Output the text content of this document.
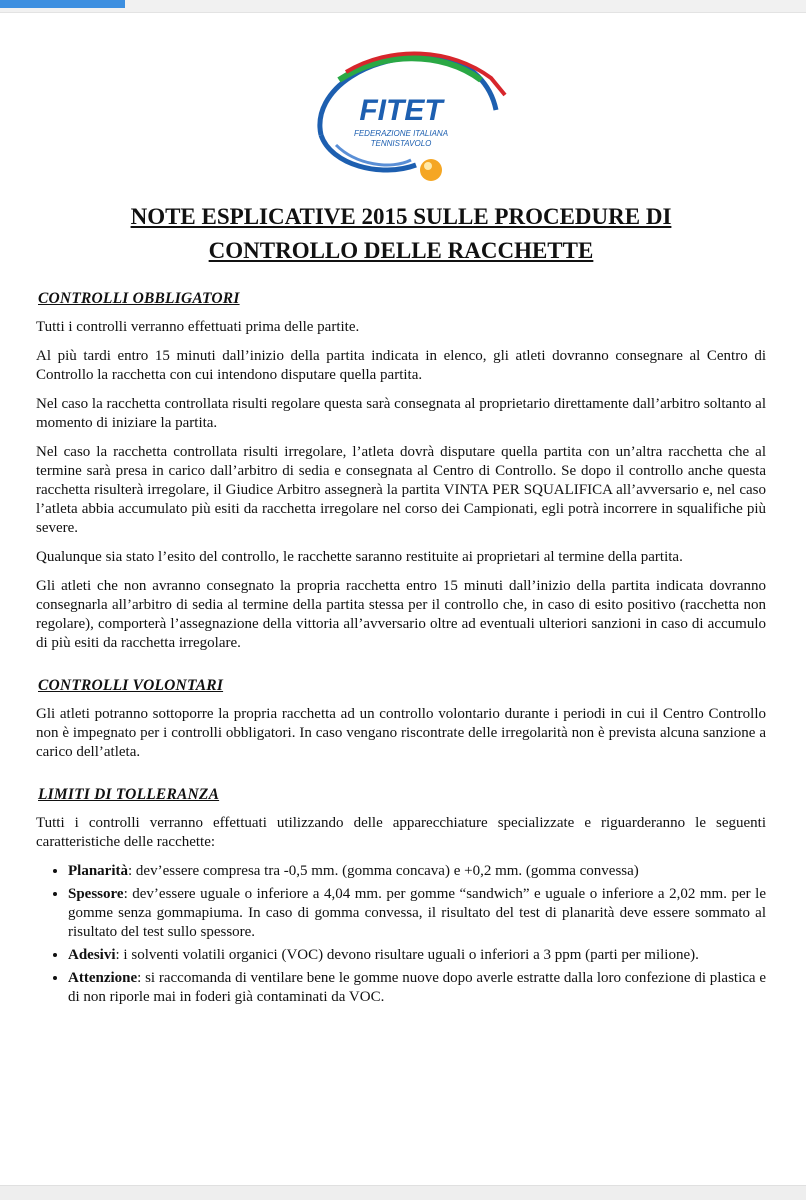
FITET
FEDERAZIONE ITALIANA
TENNISTAVOLO
NOTE ESPLICATIVE 2015 SULLE PROCEDURE DI
CONTROLLO DELLE RACCHETTE
CONTROLLI OBBLIGATORI

Tutti i controlli verranno effettuati prima delle partite.

Al più tardi entro 15 minuti dall’inizio della partita indicata in elenco, gli atleti dovranno consegnare al Centro di Controllo la racchetta con cui intendono disputare quella partita.

Nel caso la racchetta controllata risulti regolare questa sarà consegnata al proprietario direttamente dall’arbitro soltanto al momento di iniziare la partita.

Nel caso la racchetta controllata risulti irregolare, l’atleta dovrà disputare quella partita con un’altra racchetta che al termine sarà presa in carico dall’arbitro di sedia e consegnata al Centro di Controllo. Se dopo il controllo anche questa racchetta risulterà irregolare, il Giudice Arbitro assegnerà la partita VINTA PER SQUALIFICA all’avversario e, nel caso l’atleta abbia accumulato più esiti da racchetta irregolare nel corso dei Campionati, egli potrà incorrere in squalifiche più severe.

Qualunque sia stato l’esito del controllo, le racchette saranno restituite ai proprietari al termine della partita.

Gli atleti che non avranno consegnato la propria racchetta entro 15 minuti dall’inizio della partita indicata dovranno consegnarla all’arbitro di sedia al termine della partita stessa per il controllo che, in caso di esito positivo (racchetta non regolare), comporterà l’assegnazione della vittoria all’avversario oltre ad eventuali ulteriori sanzioni in caso di accumulo di più esiti da racchetta irregolare.

CONTROLLI VOLONTARI

Gli atleti potranno sottoporre la propria racchetta ad un controllo volontario durante i periodi in cui il Centro Controllo non è impegnato per i controlli obbligatori. In caso vengano riscontrate delle irregolarità non è prevista alcuna sanzione a carico dell’atleta.

LIMITI DI TOLLERANZA

Tutti i controlli verranno effettuati utilizzando delle apparecchiature specializzate e riguarderanno le seguenti caratteristiche delle racchette:

• Planarità: dev’essere compresa tra -0,5 mm. (gomma concava) e +0,2 mm. (gomma convessa)
• Spessore: dev’essere uguale o inferiore a 4,04 mm. per gomme “sandwich” e uguale o inferiore a 2,02 mm. per le gomme senza gommapiuma. In caso di gomma convessa, il risultato del test di planarità deve essere sommato al risultato del test sullo spessore.
• Adesivi: i solventi volatili organici (VOC) devono risultare uguali o inferiori a 3 ppm (parti per milione).
• Attenzione: si raccomanda di ventilare bene le gomme nuove dopo averle estratte dalla loro confezione di plastica e di non riporle mai in foderi già contaminati da VOC.
